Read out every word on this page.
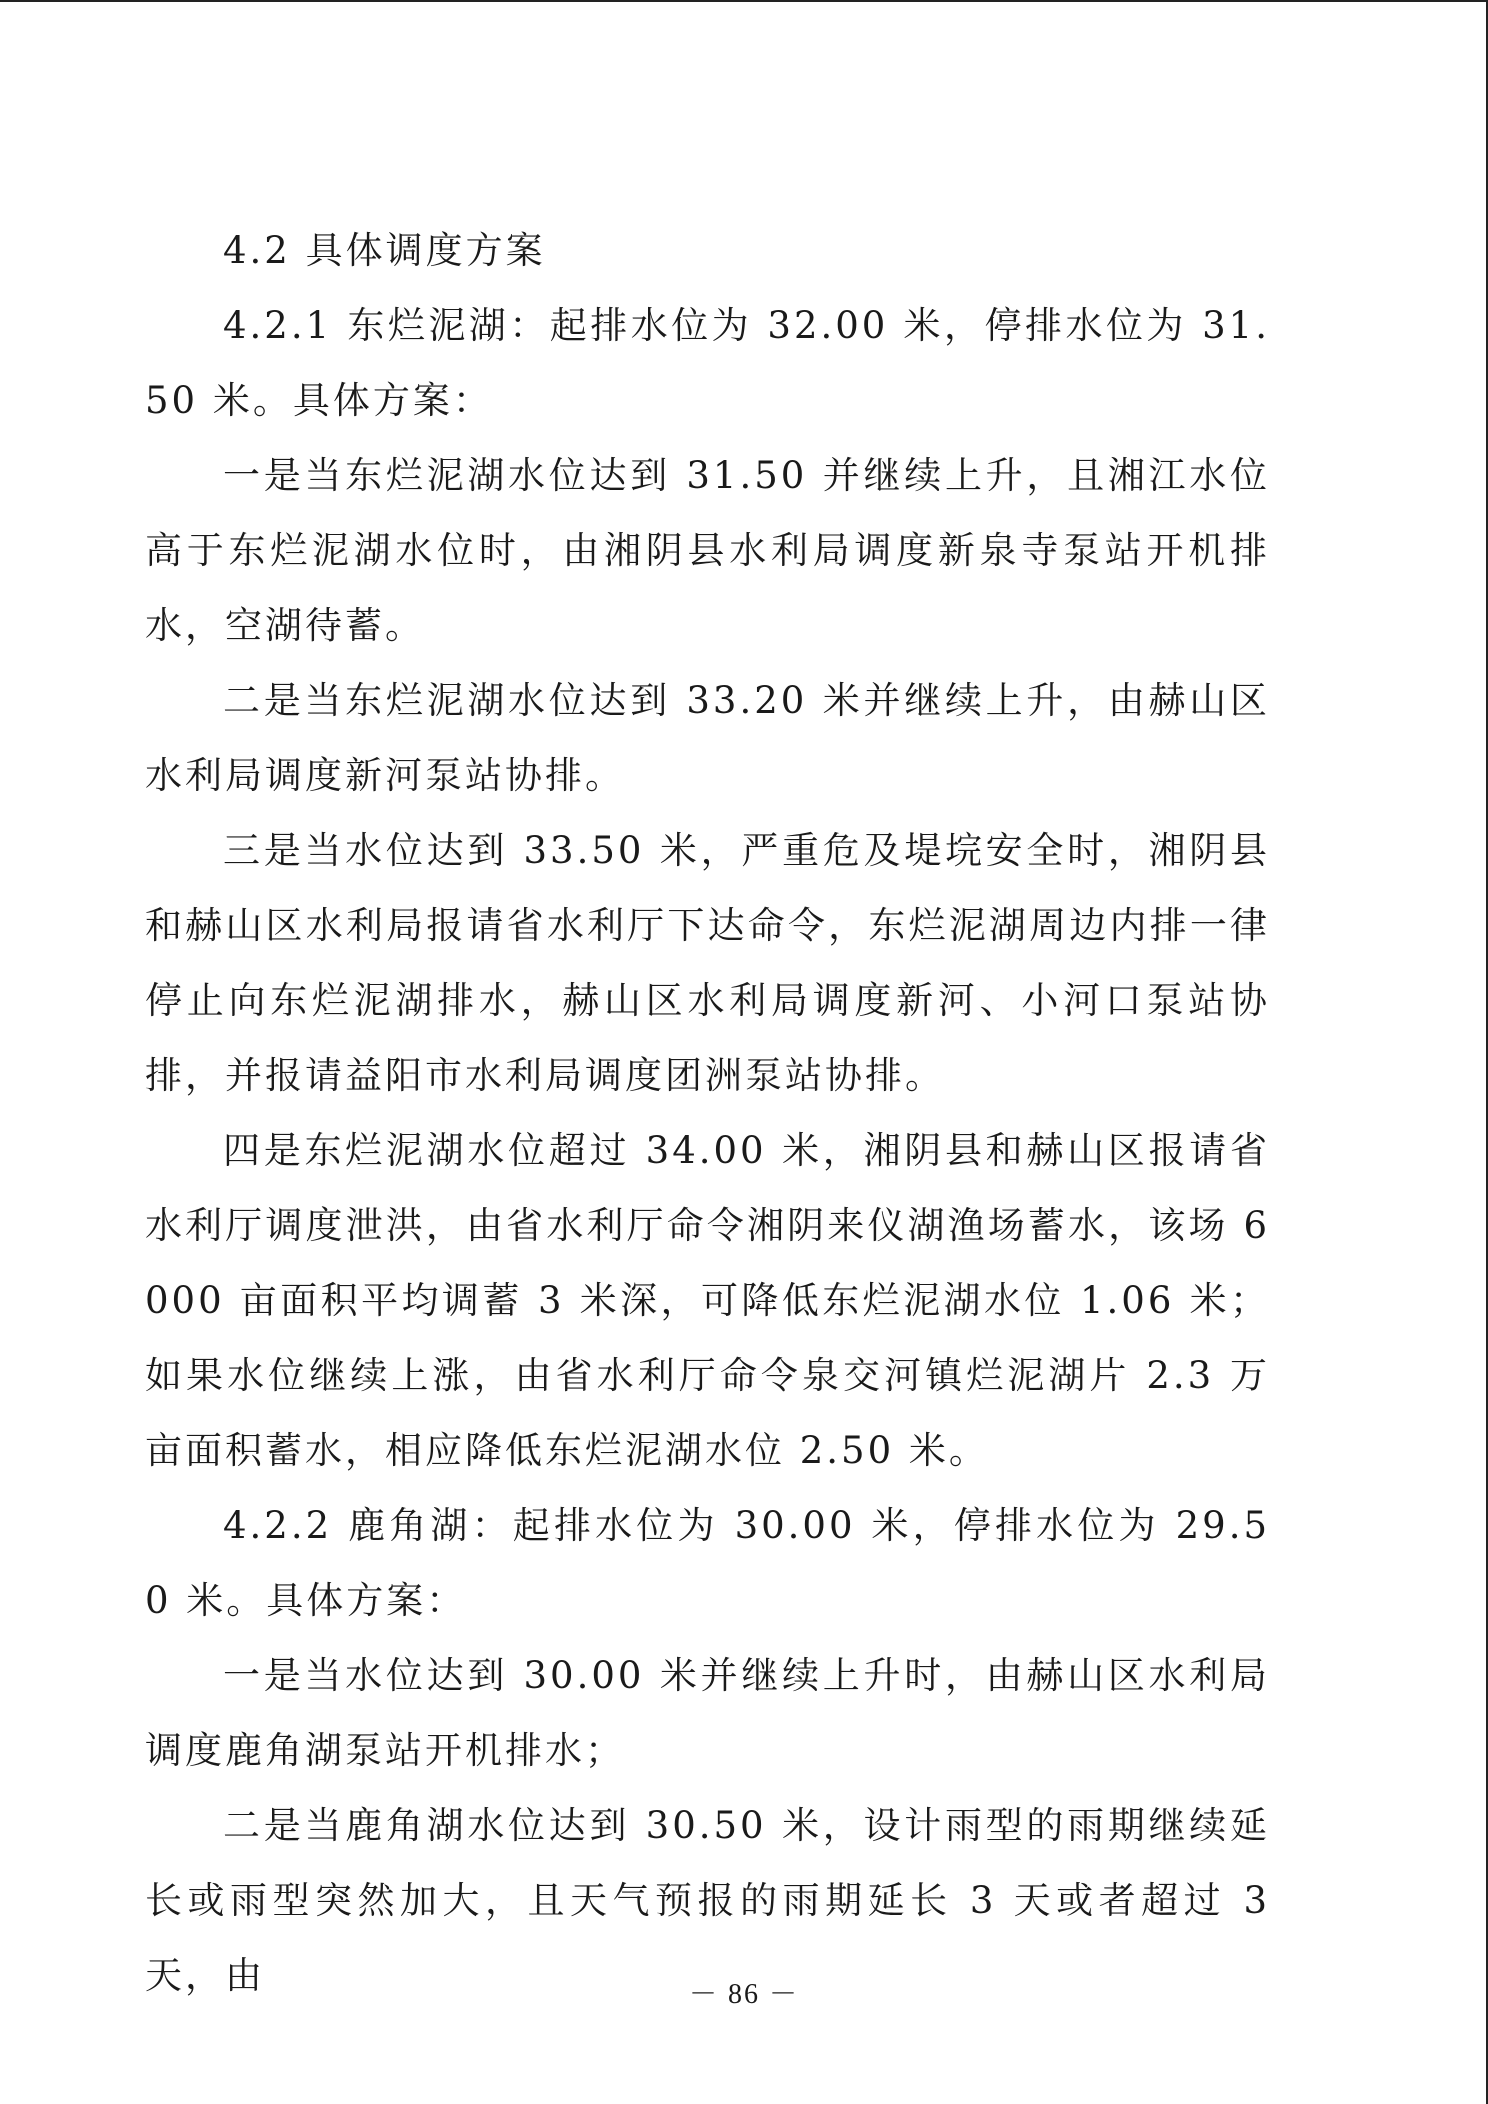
4.2 具体调度方案

4.2.1 东烂泥湖：起排水位为 32.00 米，停排水位为 31.50 米。具体方案：

一是当东烂泥湖水位达到 31.50 并继续上升，且湘江水位高于东烂泥湖水位时，由湘阴县水利局调度新泉寺泵站开机排水，空湖待蓄。

二是当东烂泥湖水位达到 33.20 米并继续上升，由赫山区水利局调度新河泵站协排。

三是当水位达到 33.50 米，严重危及堤垸安全时，湘阴县和赫山区水利局报请省水利厅下达命令，东烂泥湖周边内排一律停止向东烂泥湖排水，赫山区水利局调度新河、小河口泵站协排，并报请益阳市水利局调度团洲泵站协排。

四是东烂泥湖水位超过 34.00 米，湘阴县和赫山区报请省水利厅调度泄洪，由省水利厅命令湘阴来仪湖渔场蓄水，该场 6000 亩面积平均调蓄 3 米深，可降低东烂泥湖水位 1.06 米；如果水位继续上涨，由省水利厅命令泉交河镇烂泥湖片 2.3 万亩面积蓄水，相应降低东烂泥湖水位 2.50 米。

4.2.2 鹿角湖：起排水位为 30.00 米，停排水位为 29.50 米。具体方案：

一是当水位达到 30.00 米并继续上升时，由赫山区水利局调度鹿角湖泵站开机排水；

二是当鹿角湖水位达到 30.50 米，设计雨型的雨期继续延长或雨型突然加大，且天气预报的雨期延长 3 天或者超过 3 天，由	－ 86 －
